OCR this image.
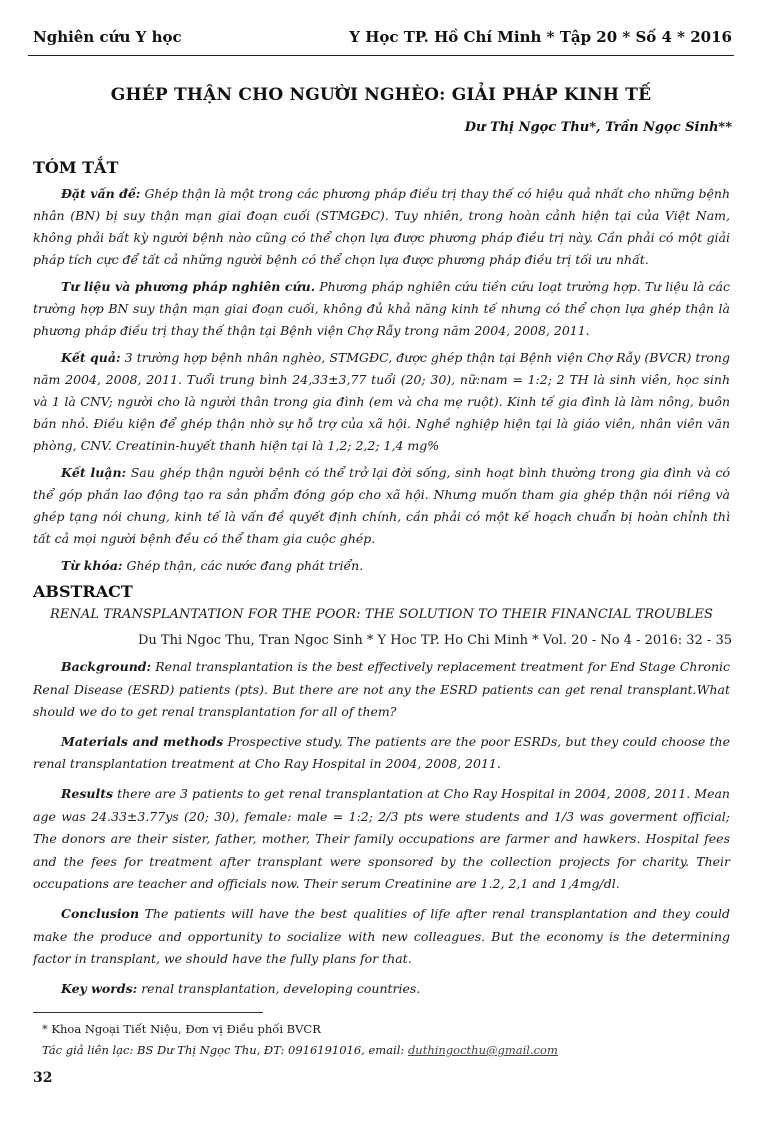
Nghiên cứu Y học	Y Học TP. Hồ Chí Minh * Tập 20 * Số 4 * 2016
GHÉP THẬN CHO NGƯỜI NGHÈO: GIẢI PHÁP KINH TẾ
Dư Thị Ngọc Thu*, Trần Ngọc Sinh**
TÓM TẮT

Đặt vấn đề: Ghép thận là một trong các phương pháp điều trị thay thế có hiệu quả nhất cho những bệnh nhân (BN) bị suy thận mạn giai đoạn cuối (STMGĐC). Tuy nhiên, trong hoàn cảnh hiện tại của Việt Nam, không phải bất kỳ người bệnh nào cũng có thể chọn lựa được phương pháp điều trị này. Cần phải có một giải pháp tích cực để tất cả những người bệnh có thể chọn lựa được phương pháp điều trị tối ưu nhất.

Tư liệu và phương pháp nghiên cứu. Phương pháp nghiên cứu tiền cứu loạt trường hợp. Tư liệu là các trường hợp BN suy thận mạn giai đoạn cuối, không đủ khả năng kinh tế nhưng có thể chọn lựa ghép thận là phương pháp điều trị thay thế thận tại Bệnh viện Chợ Rẫy trong năm 2004, 2008, 2011.

Kết quả: 3 trường hợp bệnh nhân nghèo, STMGĐC, được ghép thận tại Bệnh viện Chợ Rẫy (BVCR) trong năm 2004, 2008, 2011. Tuổi trung bình 24,33±3,77 tuổi (20; 30), nữ:nam = 1:2; 2 TH là sinh viên, học sinh và 1 là CNV; người cho là người thân trong gia đình (em và cha mẹ ruột). Kinh tế gia đình là làm nông, buôn bán nhỏ. Điều kiện để ghép thận nhờ sự hỗ trợ của xã hội. Nghề nghiệp hiện tại là giáo viên, nhân viên văn phòng, CNV. Creatinin-huyết thanh hiện tại là 1,2; 2,2; 1,4 mg%

Kết luận: Sau ghép thận người bệnh có thể trở lại đời sống, sinh hoạt bình thường trong gia đình và có thể góp phần lao động tạo ra sản phẩm đóng góp cho xã hội. Nhưng muốn tham gia ghép thận nói riêng và ghép tạng nói chung, kinh tế là vấn đề quyết định chính, cần phải có một kế hoạch chuẩn bị hoàn chỉnh thì tất cả mọi người bệnh đều có thể tham gia cuộc ghép.

Từ khóa: Ghép thận, các nước đang phát triển.

ABSTRACT
RENAL TRANSPLANTATION FOR THE POOR: THE SOLUTION TO THEIR FINANCIAL TROUBLES
Du Thi Ngoc Thu, Tran Ngoc Sinh * Y Hoc TP. Ho Chi Minh * Vol. 20 - No 4 - 2016: 32 - 35

Background: Renal transplantation is the best effectively replacement treatment for End Stage Chronic Renal Disease (ESRD) patients (pts). But there are not any the ESRD patients can get renal transplant.What should we do to get renal transplantation for all of them?

Materials and methods Prospective study. The patients are the poor ESRDs, but they could choose the renal transplantation treatment at Cho Ray Hospital in 2004, 2008, 2011.

Results there are 3 patients to get renal transplantation at Cho Ray Hospital in 2004, 2008, 2011. Mean age was 24.33±3.77ys (20; 30), female: male = 1:2; 2/3 pts were students and 1/3 was goverment official; The donors are their sister, father, mother, Their family occupations are farmer and hawkers. Hospital fees and the fees for treatment after transplant were sponsored by the collection projects for charity. Their occupations are teacher and officials now. Their serum Creatinine are 1.2, 2,1 and 1,4mg/dl.

Conclusion The patients will have the best qualities of life after renal transplantation and they could make the produce and opportunity to socialize with new colleagues. But the economy is the determining factor in transplant, we should have the fully plans for that.

Key words: renal transplantation, developing countries.

* Khoa Ngoại Tiết Niệu, Đơn vị Điều phối BVCR
Tác giả liên lạc: BS Dư Thị Ngọc Thu, ĐT: 0916191016, email: duthingocthu@gmail.com
32
